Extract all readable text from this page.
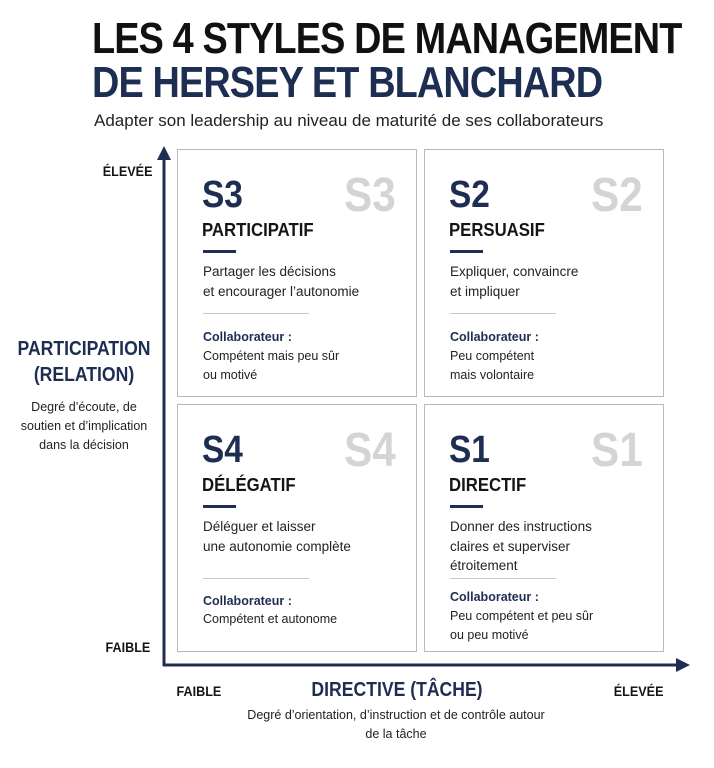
LES 4 STYLES DE MANAGEMENT
DE HERSEY ET BLANCHARD
Adapter son leadership au niveau de maturité de ses collaborateurs
ÉLEVÉE
FAIBLE
FAIBLE	ÉLEVÉE
PARTICIPATION
(RELATION)
Degré d’écoute, de soutien et d’implication dans la décision
DIRECTIVE (TÂCHE)
Degré d’orientation, d’instruction et de contrôle autour de la tâche
S3 S3
PARTICIPATIF
Partager les décisions
et encourager l’autonomie
Collaborateur :
Compétent mais peu sûr
ou motivé
S2 S2
PERSUASIF
Expliquer, convaincre
et impliquer
Collaborateur :
Peu compétent
mais volontaire
S4 S4
DÉLÉGATIF
Déléguer et laisser
une autonomie complète
Collaborateur :
Compétent et autonome
S1 S1
DIRECTIF
Donner des instructions
claires et superviser
étroitement
Collaborateur :
Peu compétent et peu sûr
ou peu motivé
